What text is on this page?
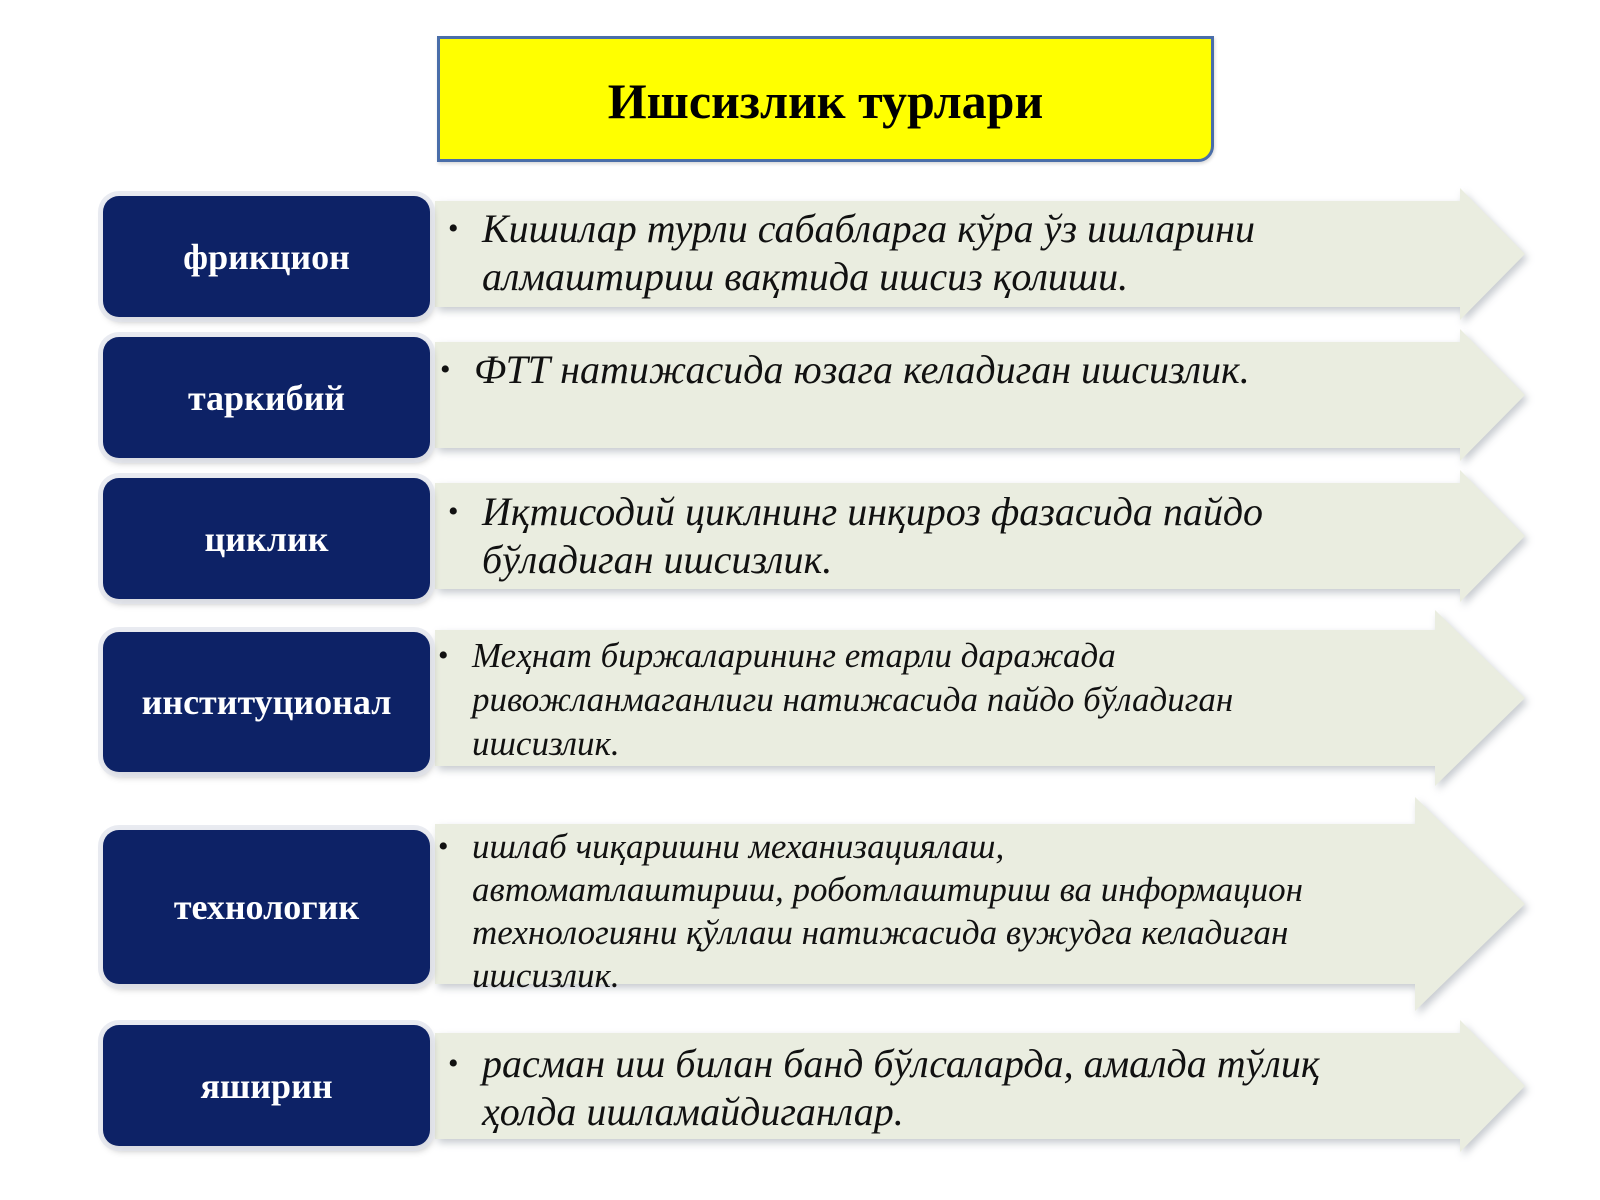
Ишсизлик турлари
• Кишилар турли сабабларга кўра ўз ишларини
алмаштириш вақтида ишсиз қолиши.
фрикцион
• ФТТ натижасида юзага келадиган ишсизлик.
таркибий
• Иқтисодий циклнинг инқироз фазасида пайдо
бўладиган ишсизлик.
циклик
• Меҳнат биржаларининг етарли даражада
ривожланмаганлиги натижасида пайдо бўладиган
ишсизлик.
институционал
• ишлаб чиқаришни механизациялаш,
автоматлаштириш, роботлаштириш ва информацион
технологияни қўллаш натижасида вужудга келадиган
ишсизлик.
технологик
• расман иш билан банд бўлсаларда, амалда тўлиқ
ҳолда ишламайдиганлар.
яширин
